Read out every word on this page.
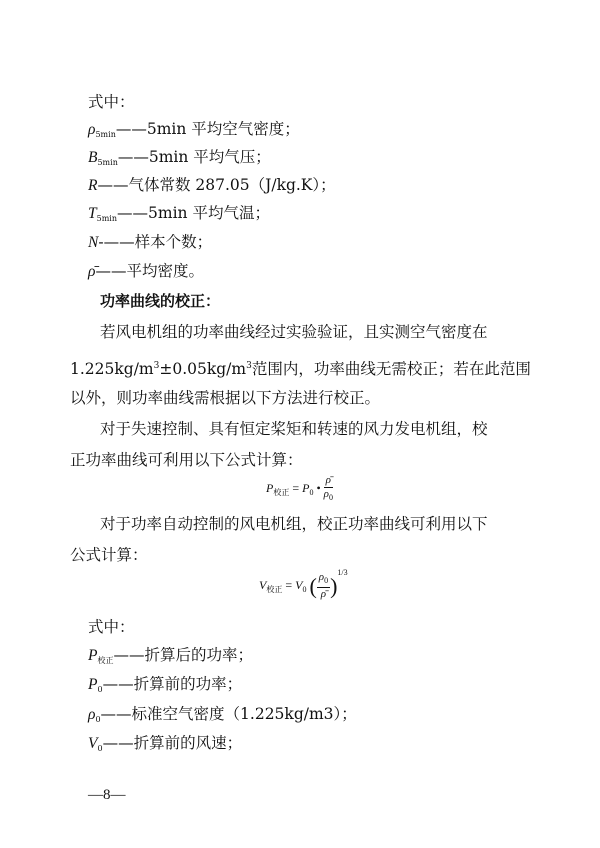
式中：
$\rho_{5min}——5\min$ 平均空气密度；
$B_{5min}——5\min$ 平均气压；
R——气体常数 287.05（J/kg.K）；
$T_{5min}——5\min$ 平均气温；
N-——样本个数；
ρ̄——平均密度。
功率曲线的校正：
若风电机组的功率曲线经过实验验证，且实测空气密度在
$1.225kg/m^3\pm 0.05kg/m^3$范围内，功率曲线无需校正；若在此范围
以外，则功率曲线需根据以下方法进行校正。
对于失速控制、具有恒定桨矩和转速的风力发电机组，校
正功率曲线可利用以下公式计算：
$P_{校正} = P_0$ • $\frac{\rhō}{\rho_0}$
对于功率自动控制的风电机组，校正功率曲线可利用以下
公式计算：
$V_{校正} = V_0$ ( $\frac{\rho_0}{\rhō} )^{1/3}$
式中：
$P_{校正}——$折算后的功率；
$P_0——$折算前的功率；
$\rho_0——$标准空气密度（1.225kg/m3）；
$V_0——$折算前的风速；
—8—
